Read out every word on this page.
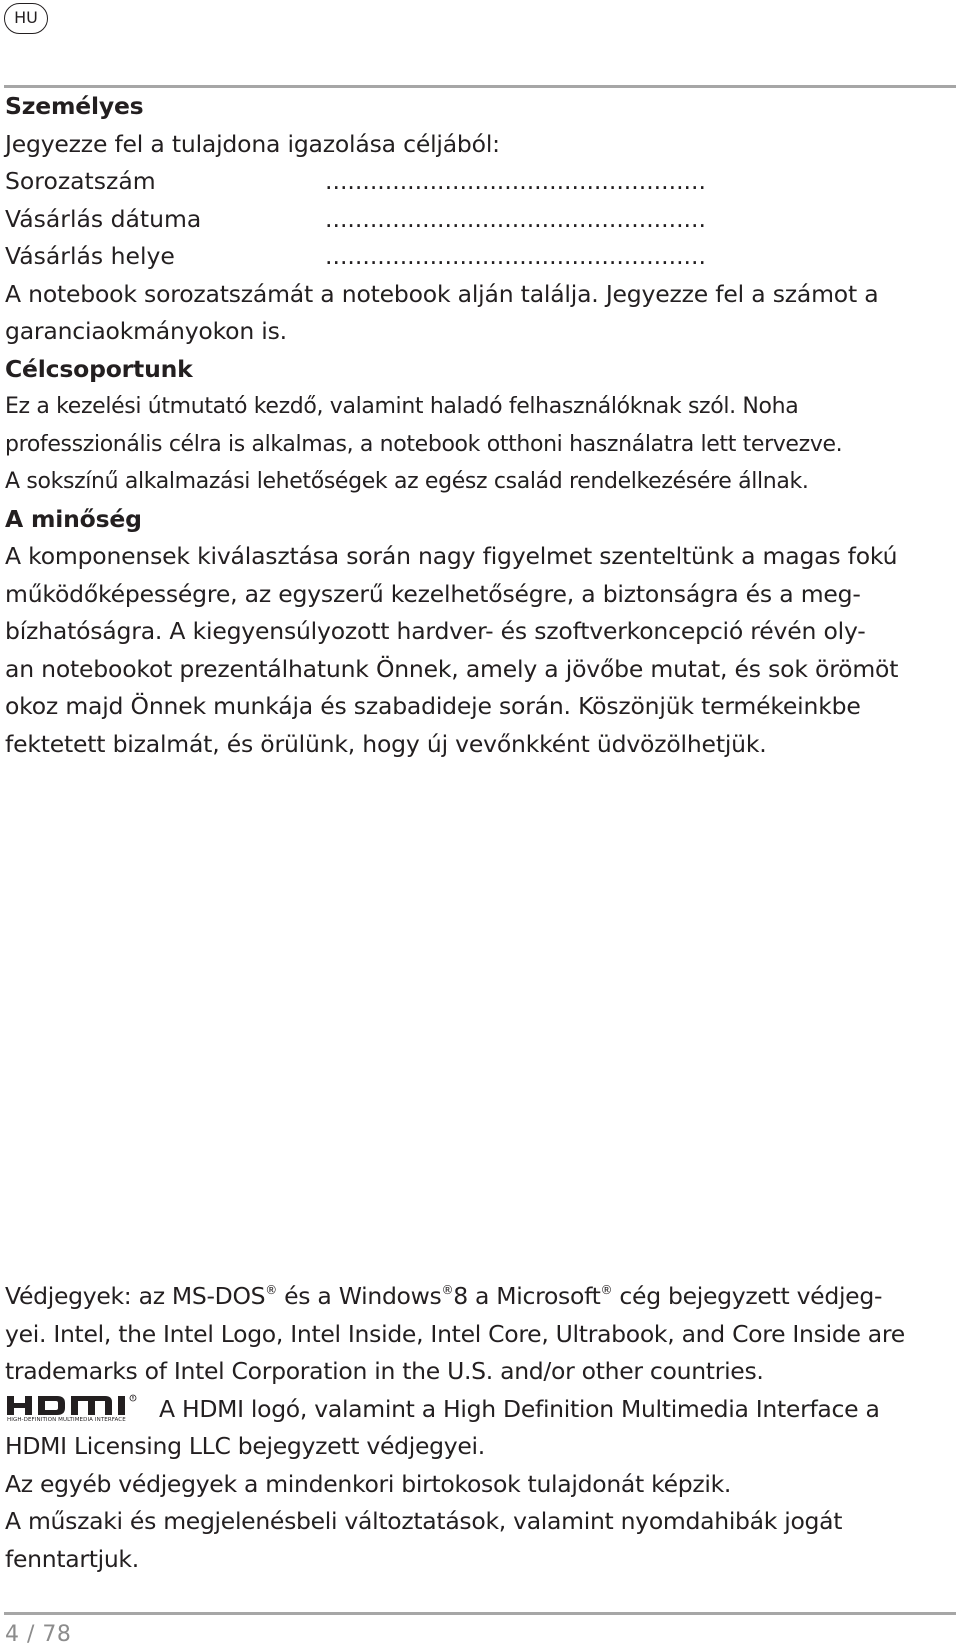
HU
Személyes
Jegyezze fel a tulajdona igazolása céljából:
Sorozatszám	...................................................
Vásárlás dátuma	...................................................
Vásárlás helye	...................................................
A notebook sorozatszámát a notebook alján találja. Jegyezze fel a számot a
garanciaokmányokon is.
Célcsoportunk
Ez a kezelési útmutató kezdő, valamint haladó felhasználóknak szól. Noha
professzionális célra is alkalmas, a notebook otthoni használatra lett tervezve.
A sokszínű alkalmazási lehetőségek az egész család rendelkezésére állnak.
A minőség
A komponensek kiválasztása során nagy figyelmet szenteltünk a magas fokú
működőképességre, az egyszerű kezelhetőségre, a biztonságra és a meg-
bízhatóságra. A kiegyensúlyozott hardver- és szoftverkoncepció révén oly-
an notebookot prezentálhatunk Önnek, amely a jövőbe mutat, és sok örömöt
okoz majd Önnek munkája és szabadideje során. Köszönjük termékeinkbe
fektetett bizalmát, és örülünk, hogy új vevőnkként üdvözölhetjük.
Védjegyek: az MS-DOS® és a Windows®8 a Microsoft® cég bejegyzett védjeg-
yei. Intel, the Intel Logo, Intel Inside, Intel Core, Ultrabook, and Core Inside are
trademarks of Intel Corporation in the U.S. and/or other countries.
R
HIGH-DEFINITION MULTIMEDIA INTERFACE A HDMI logó, valamint a High Definition Multimedia Interface a
HDMI Licensing LLC bejegyzett védjegyei.
Az egyéb védjegyek a mindenkori birtokosok tulajdonát képzik.
A műszaki és megjelenésbeli változtatások, valamint nyomdahibák jogát
fenntartjuk.
4 / 78
